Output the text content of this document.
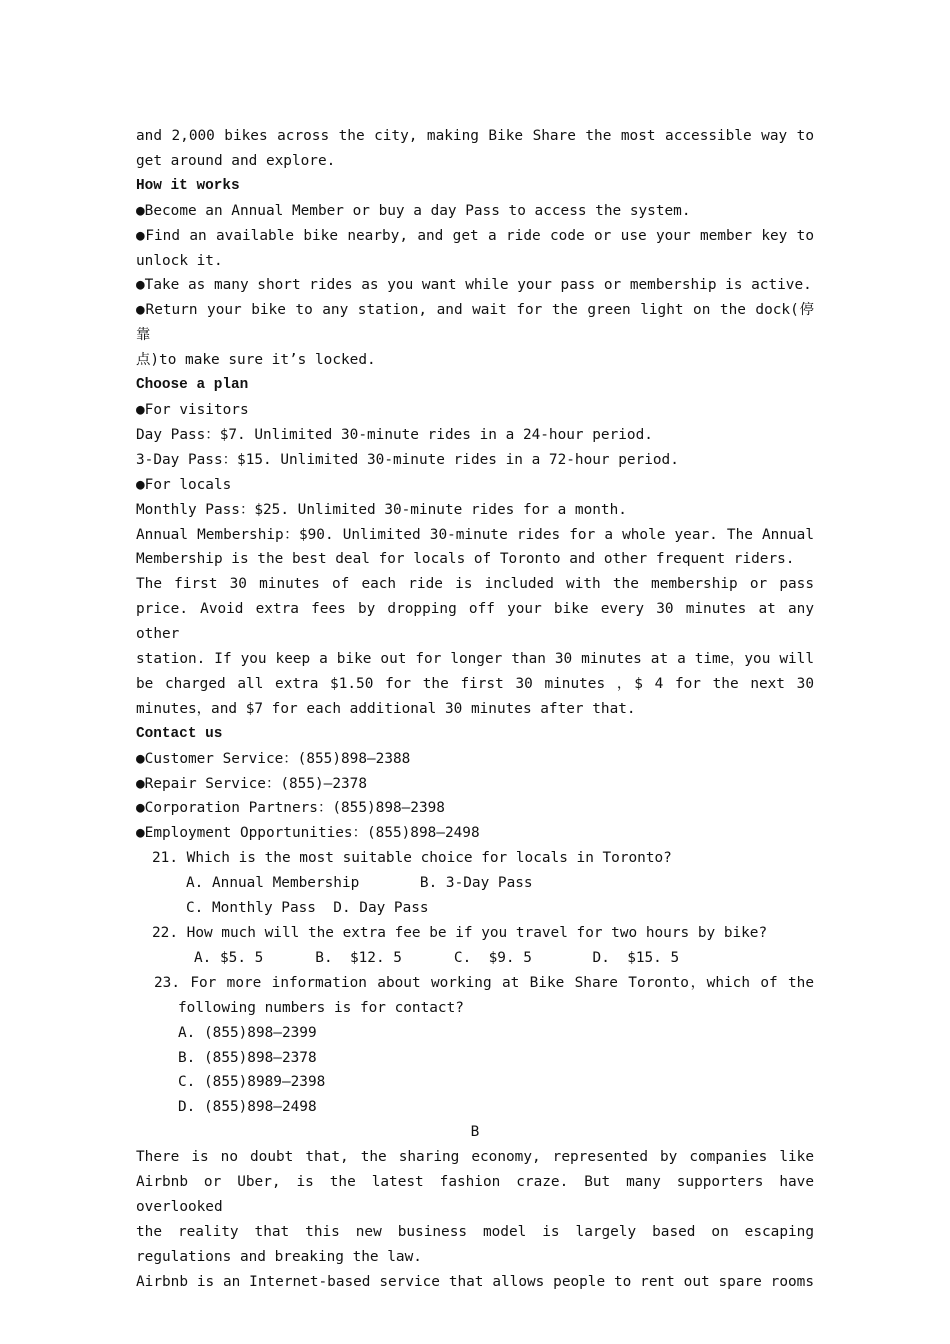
and 2,000 bikes across the city, making Bike Share the most accessible way to

get around and explore.

How it works

●Become an Annual Member or buy a day Pass to access the system.

●Find an available bike nearby, and get a ride code or use your member key to

unlock it.

●Take as many short rides as you want while your pass or membership is active.

●Return your bike to any station, and wait for the green light on the dock(停靠

点)to make sure it’s locked.

Choose a plan

●For visitors

Day Pass：$7. Unlimited 30-minute rides in a 24-hour period.

3-Day Pass：$15. Unlimited 30-minute rides in a 72-hour period.

●For locals

Monthly Pass：$25. Unlimited 30-minute rides for a month.

Annual Membership：$90. Unlimited 30-minute rides for a whole year. The Annual

Membership is the best deal for locals of Toronto and other frequent riders.

The first 30 minutes of each ride is included with the membership or pass

price. Avoid extra fees by dropping off your bike every 30 minutes at any other

station. If you keep a bike out for longer than 30 minutes at a time，you will

be charged all extra $1.50 for the first 30 minutes ，$ 4 for the next 30

minutes，and $7 for each additional 30 minutes after that.

Contact us

●Customer Service：(855)898—2388

●Repair Service：(855)—2378

●Corporation Partners：(855)898—2398

●Employment Opportunities：(855)898—2498

21. Which is the most suitable choice for locals in Toronto?

A. Annual Membership       B. 3-Day Pass

C. Monthly Pass  D. Day Pass

22. How much will the extra fee be if you travel for two hours by bike?

A. $5. 5      B.  $12. 5      C.  $9. 5       D.  $15. 5

23. For more information about working at Bike Share Toronto，which of the

following numbers is for contact?

A. (855)898—2399

B. (855)898—2378

C. (855)8989—2398

D. (855)898—2498

B

There is no doubt that, the sharing economy, represented by companies like

Airbnb or Uber, is the latest fashion craze. But many supporters have overlooked

the reality that this new business model is largely based on escaping

regulations and breaking the law.

Airbnb is an Internet-based service that allows people to rent out spare rooms
